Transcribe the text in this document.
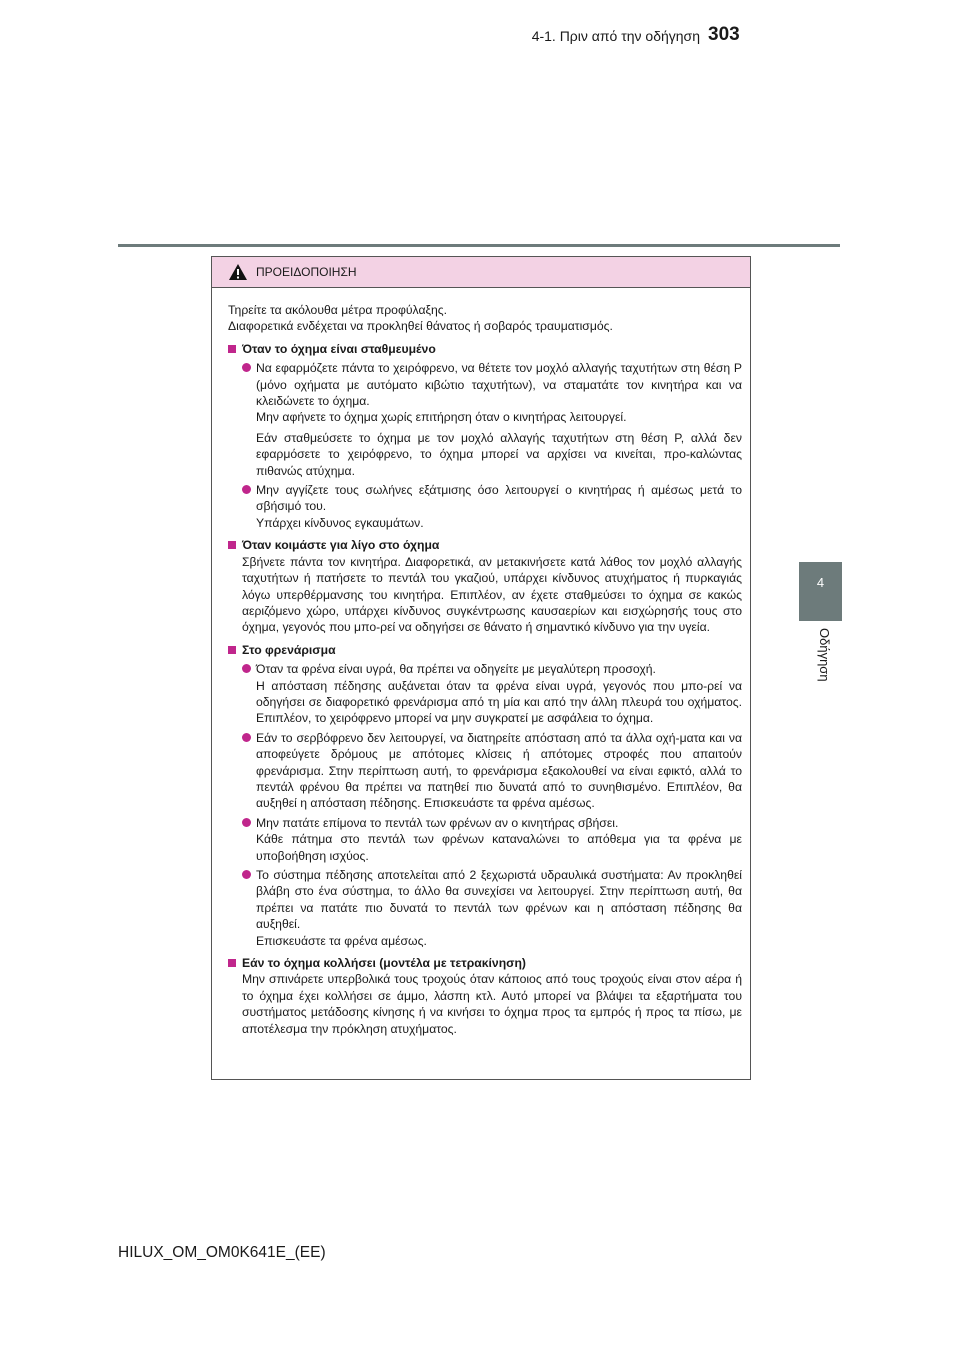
4-1. Πριν από την οδήγηση 303
4
Οδήγηση
ΠΡΟΕΙΔΟΠΟΙΗΣΗ

Τηρείτε τα ακόλουθα μέτρα προφύλαξης.

Διαφορετικά ενδέχεται να προκληθεί θάνατος ή σοβαρός τραυματισμός.

Όταν το όχημα είναι σταθμευμένο

Να εφαρμόζετε πάντα το χειρόφρενο, να θέτετε τον μοχλό αλλαγής ταχυτήτων στη θέση P (μόνο οχήματα με αυτόματο κιβώτιο ταχυτήτων), να σταματάτε τον κινητήρα και να κλειδώνετε το όχημα.

Μην αφήνετε το όχημα χωρίς επιτήρηση όταν ο κινητήρας λειτουργεί.

Εάν σταθμεύσετε το όχημα με τον μοχλό αλλαγής ταχυτήτων στη θέση P, αλλά δεν εφαρμόσετε το χειρόφρενο, το όχημα μπορεί να αρχίσει να κινείται, προ-καλώντας πιθανώς ατύχημα.

Μην αγγίζετε τους σωλήνες εξάτμισης όσο λειτουργεί ο κινητήρας ή αμέσως μετά το σβήσιμό του.

Υπάρχει κίνδυνος εγκαυμάτων.

Όταν κοιμάστε για λίγο στο όχημα

Σβήνετε πάντα τον κινητήρα. Διαφορετικά, αν μετακινήσετε κατά λάθος τον μοχλό αλλαγής ταχυτήτων ή πατήσετε το πεντάλ του γκαζιού, υπάρχει κίνδυνος ατυχήματος ή πυρκαγιάς λόγω υπερθέρμανσης του κινητήρα. Επιπλέον, αν έχετε σταθμεύσει το όχημα σε κακώς αεριζόμενο χώρο, υπάρχει κίνδυνος συγκέντρωσης καυσαερίων και εισχώρησής τους στο όχημα, γεγονός που μπο-ρεί να οδηγήσει σε θάνατο ή σημαντικό κίνδυνο για την υγεία.

Στο φρενάρισμα

Όταν τα φρένα είναι υγρά, θα πρέπει να οδηγείτε με μεγαλύτερη προσοχή.

Η απόσταση πέδησης αυξάνεται όταν τα φρένα είναι υγρά, γεγονός που μπο-ρεί να οδηγήσει σε διαφορετικό φρενάρισμα από τη μία και από την άλλη πλευρά του οχήματος. Επιπλέον, το χειρόφρενο μπορεί να μην συγκρατεί με ασφάλεια το όχημα.

Εάν το σερβόφρενο δεν λειτουργεί, να διατηρείτε απόσταση από τα άλλα οχή-ματα και να αποφεύγετε δρόμους με απότομες κλίσεις ή απότομες στροφές που απαιτούν φρενάρισμα. Στην περίπτωση αυτή, το φρενάρισμα εξακολουθεί να είναι εφικτό, αλλά το πεντάλ φρένου θα πρέπει να πατηθεί πιο δυνατά από το συνηθισμένο. Επιπλέον, θα αυξηθεί η απόσταση πέδησης. Επισκευάστε τα φρένα αμέσως.

Μην πατάτε επίμονα το πεντάλ των φρένων αν ο κινητήρας σβήσει.

Κάθε πάτημα στο πεντάλ των φρένων καταναλώνει το απόθεμα για τα φρένα με υποβοήθηση ισχύος.

Το σύστημα πέδησης αποτελείται από 2 ξεχωριστά υδραυλικά συστήματα: Αν προκληθεί βλάβη στο ένα σύστημα, το άλλο θα συνεχίσει να λειτουργεί. Στην περίπτωση αυτή, θα πρέπει να πατάτε πιο δυνατά το πεντάλ των φρένων και η απόσταση πέδησης θα αυξηθεί.

Επισκευάστε τα φρένα αμέσως.

Εάν το όχημα κολλήσει (μοντέλα με τετρακίνηση)

Μην σπινάρετε υπερβολικά τους τροχούς όταν κάποιος από τους τροχούς είναι στον αέρα ή το όχημα έχει κολλήσει σε άμμο, λάσπη κτλ. Αυτό μπορεί να βλάψει τα εξαρτήματα του συστήματος μετάδοσης κίνησης ή να κινήσει το όχημα προς τα εμπρός ή προς τα πίσω, με αποτέλεσμα την πρόκληση ατυχήματος.

HILUX_OM_OM0K641E_(EE)
